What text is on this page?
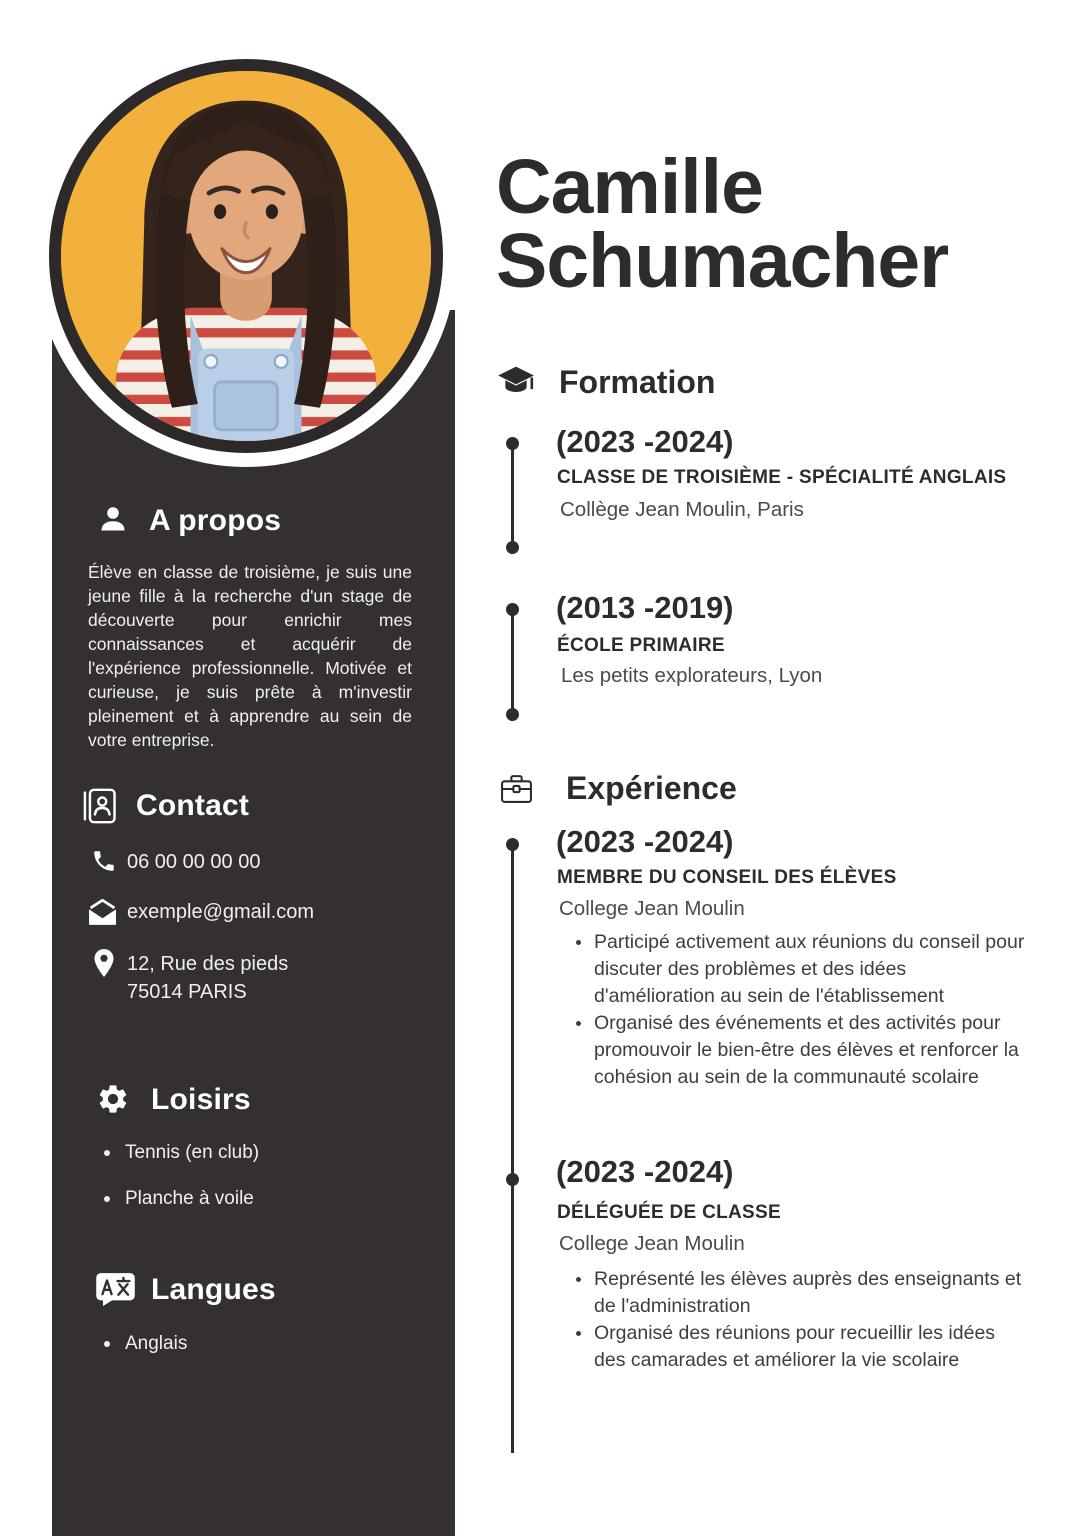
A propos
Élève en classe de troisième, je suis une jeune fille à la recherche d'un stage de découverte pour enrichir mes connaissances et acquérir de l'expérience professionnelle. Motivée et curieuse, je suis prête à m'investir pleinement et à apprendre au sein de votre entreprise.
Contact
06 00 00 00 00
exemple@gmail.com
12, Rue des pieds
75014 PARIS
Loisirs
Tennis (en club)
Planche à voile
Langues
Anglais
Camille
Schumacher
Formation
(2023 -2024)
CLASSE DE TROISIÈME - SPÉCIALITÉ ANGLAIS
Collège Jean Moulin, Paris
(2013 -2019)
ÉCOLE PRIMAIRE
Les petits explorateurs, Lyon
Expérience
(2023 -2024)
MEMBRE DU CONSEIL DES ÉLÈVES
College Jean Moulin
Participé activement aux réunions du conseil pour discuter des problèmes et des idées d'amélioration au sein de l'établissement
Organisé des événements et des activités pour promouvoir le bien-être des élèves et renforcer la cohésion au sein de la communauté scolaire
(2023 -2024)
DÉLÉGUÉE DE CLASSE
College Jean Moulin
Représenté les élèves auprès des enseignants et de l'administration
Organisé des réunions pour recueillir les idées des camarades et améliorer la vie scolaire
